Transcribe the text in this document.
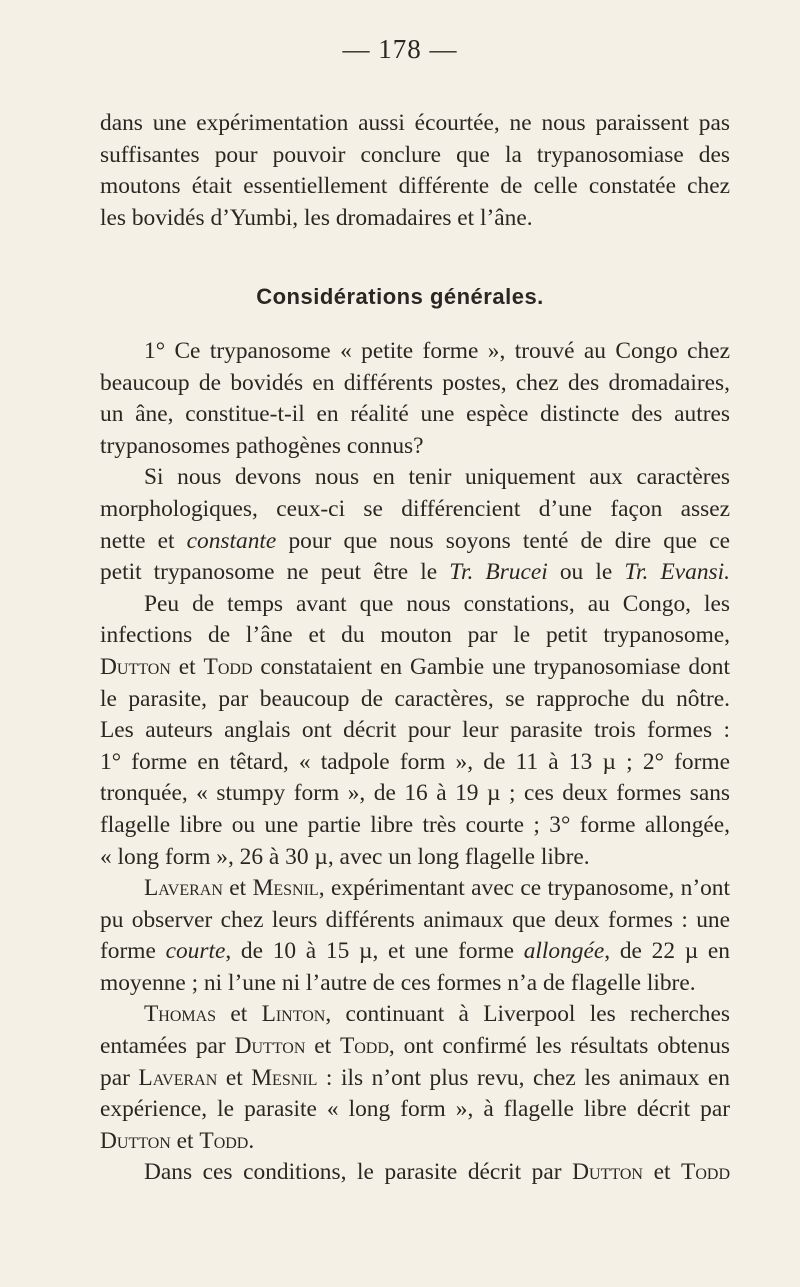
— 178 —
dans une expérimentation aussi écourtée, ne nous paraissent pas
suffisantes pour pouvoir conclure que la trypanosomiase des
moutons était essentiellement différente de celle constatée chez
les bovidés d’Yumbi, les dromadaires et l’âne.
Considérations générales.
1° Ce trypanosome « petite forme », trouvé au Congo chez
beaucoup de bovidés en différents postes, chez des dromadaires,
un âne, constitue-t-il en réalité une espèce distincte des autres
trypanosomes pathogènes connus?
Si nous devons nous en tenir uniquement aux caractères
morphologiques, ceux-ci se différencient d’une façon assez
nette et constante pour que nous soyons tenté de dire que ce
petit trypanosome ne peut être le Tr. Brucei ou le Tr. Evansi.
Peu de temps avant que nous constations, au Congo, les
infections de l’âne et du mouton par le petit trypanosome,
Dutton et Todd constataient en Gambie une trypanosomiase dont
le parasite, par beaucoup de caractères, se rapproche du nôtre.
Les auteurs anglais ont décrit pour leur parasite trois formes :
1° forme en têtard, « tadpole form », de 11 à 13 µ ; 2° forme
tronquée, « stumpy form », de 16 à 19 µ ; ces deux formes sans
flagelle libre ou une partie libre très courte ; 3° forme allongée,
« long form », 26 à 30 µ, avec un long flagelle libre.
Laveran et Mesnil, expérimentant avec ce trypanosome, n’ont
pu observer chez leurs différents animaux que deux formes : une
forme courte, de 10 à 15 µ, et une forme allongée, de 22 µ en
moyenne ; ni l’une ni l’autre de ces formes n’a de flagelle libre.
Thomas et Linton, continuant à Liverpool les recherches
entamées par Dutton et Todd, ont confirmé les résultats obtenus
par Laveran et Mesnil : ils n’ont plus revu, chez les animaux en
expérience, le parasite « long form », à flagelle libre décrit par
Dutton et Todd.
Dans ces conditions, le parasite décrit par Dutton et Todd
